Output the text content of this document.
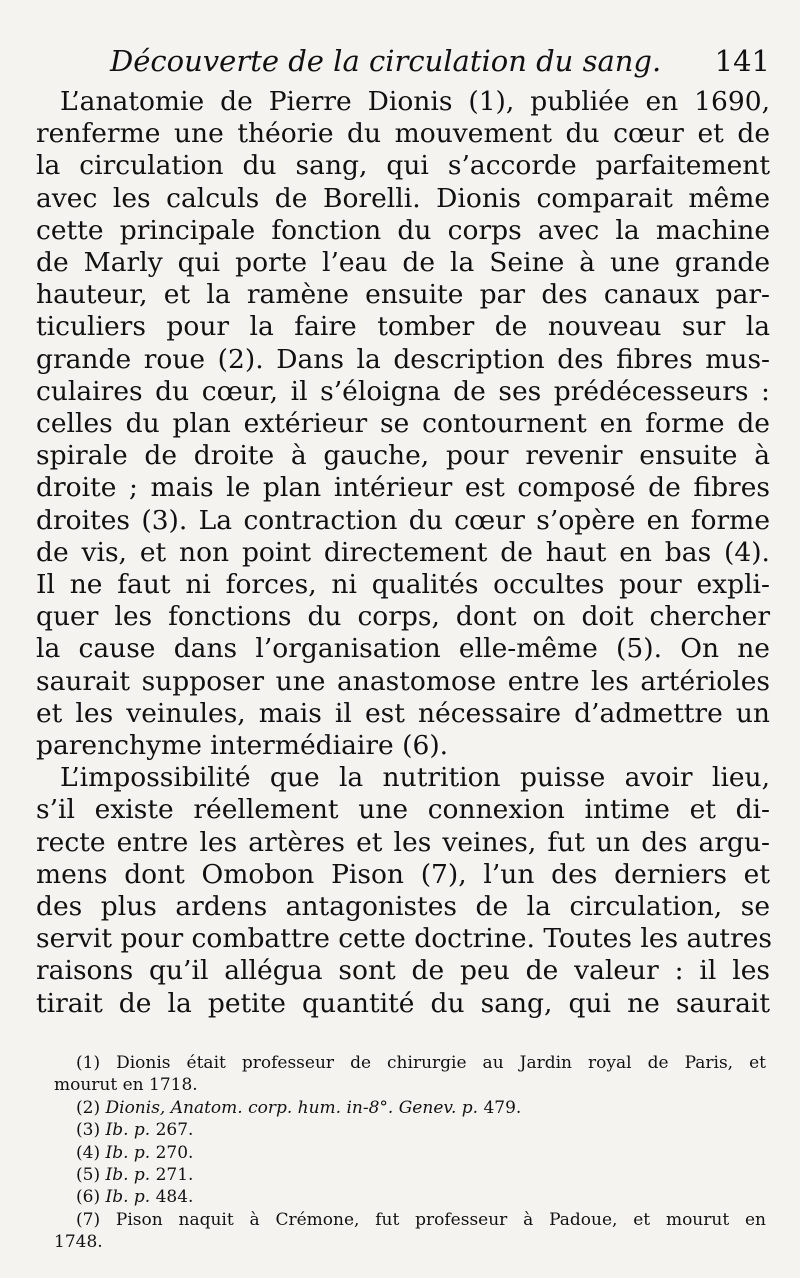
Découverte de la circulation du sang. 141
L’anatomie de Pierre Dionis (1), publiée en 1690,
renferme une théorie du mouvement du cœur et de
la circulation du sang, qui s’accorde parfaitement
avec les calculs de Borelli. Dionis comparait même
cette principale fonction du corps avec la machine
de Marly qui porte l’eau de la Seine à une grande
hauteur, et la ramène ensuite par des canaux par-
ticuliers pour la faire tomber de nouveau sur la
grande roue (2). Dans la description des fibres mus-
culaires du cœur, il s’éloigna de ses prédécesseurs :
celles du plan extérieur se contournent en forme de
spirale de droite à gauche, pour revenir ensuite à
droite ; mais le plan intérieur est composé de fibres
droites (3). La contraction du cœur s’opère en forme
de vis, et non point directement de haut en bas (4).
Il ne faut ni forces, ni qualités occultes pour expli-
quer les fonctions du corps, dont on doit chercher
la cause dans l’organisation elle-même (5). On ne
saurait supposer une anastomose entre les artérioles
et les veinules, mais il est nécessaire d’admettre un
parenchyme intermédiaire (6).
L’impossibilité que la nutrition puisse avoir lieu,
s’il existe réellement une connexion intime et di-
recte entre les artères et les veines, fut un des argu-
mens dont Omobon Pison (7), l’un des derniers et
des plus ardens antagonistes de la circulation, se
servit pour combattre cette doctrine. Toutes les autres
raisons qu’il allégua sont de peu de valeur : il les
tirait de la petite quantité du sang, qui ne saurait
(1) Dionis était professeur de chirurgie au Jardin royal de Paris, et
mourut en 1718.
(2) Dionis, Anatom. corp. hum. in-8°. Genev. p. 479.
(3) Ib. p. 267.
(4) Ib. p. 270.
(5) Ib. p. 271.
(6) Ib. p. 484.
(7) Pison naquit à Crémone, fut professeur à Padoue, et mourut en
1748.
